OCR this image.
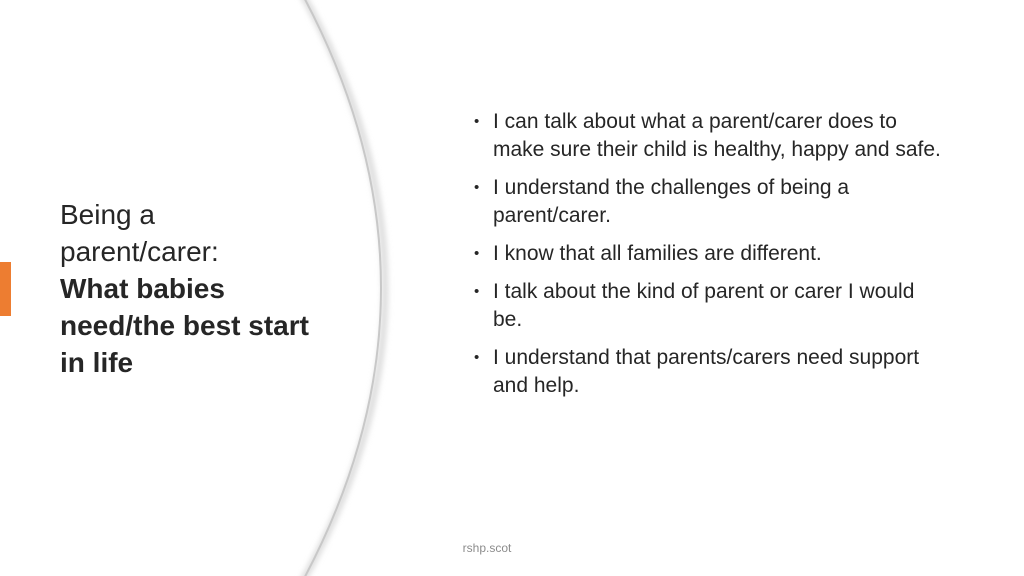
Being a
parent/carer:
What babies
need/the best start
in life
• I can talk about what a parent/carer does to make sure their child is healthy, happy and safe.
• I understand the challenges of being a parent/carer.
• I know that all families are different.
• I talk about the kind of parent or carer I would be.
• I understand that parents/carers need support and help.
rshp.scot
